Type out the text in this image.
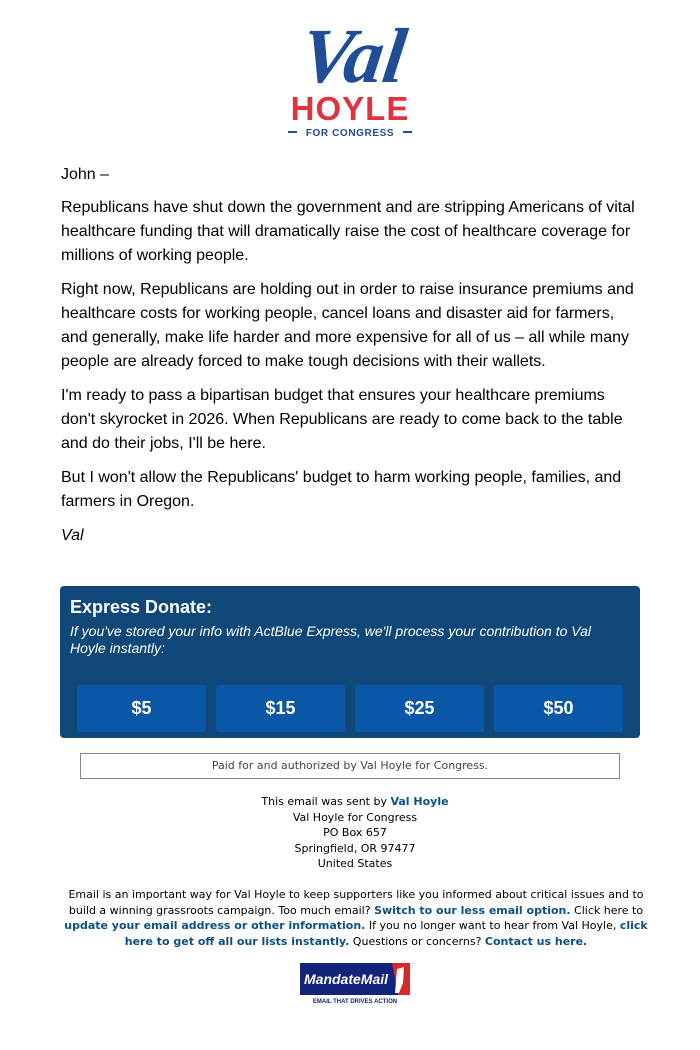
Val
HOYLE
FOR CONGRESS

John –

Republicans have shut down the government and are stripping Americans of vital healthcare funding that will dramatically raise the cost of healthcare coverage for millions of working people.

Right now, Republicans are holding out in order to raise insurance premiums and healthcare costs for working people, cancel loans and disaster aid for farmers, and generally, make life harder and more expensive for all of us – all while many people are already forced to make tough decisions with their wallets.

I'm ready to pass a bipartisan budget that ensures your healthcare premiums don't skyrocket in 2026. When Republicans are ready to come back to the table and do their jobs, I'll be here.

But I won't allow the Republicans' budget to harm working people, families, and farmers in Oregon.

Val

Express Donate:
If you've stored your info with ActBlue Express, we'll process your contribution to Val Hoyle instantly:
$5	$15	$25	$50
Paid for and authorized by Val Hoyle for Congress.
This email was sent by Val Hoyle
Val Hoyle for Congress
PO Box 657
Springfield, OR 97477
United States
Email is an important way for Val Hoyle to keep supporters like you informed about critical issues and to build a winning grassroots campaign. Too much email? Switch to our less email option. Click here to update your email address or other information. If you no longer want to hear from Val Hoyle, click here to get off all our lists instantly. Questions or concerns? Contact us here.
MandateMail
EMAIL THAT DRIVES ACTION
